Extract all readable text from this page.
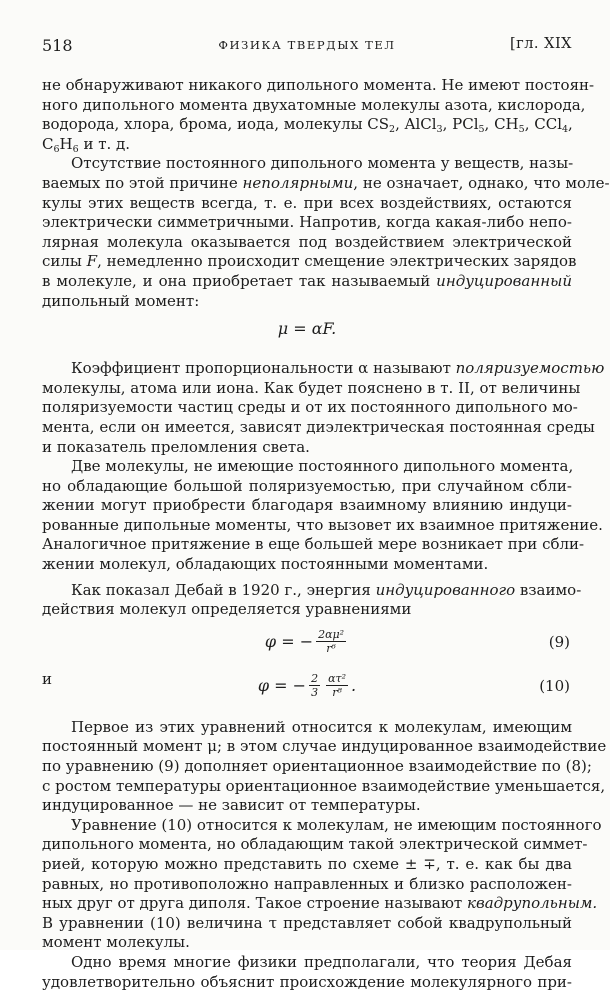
518	ФИЗИКА ТВЕРДЫХ ТЕЛ	[гл. XIX
не обнаруживают никакого дипольного момента. Не имеют постоян-
ного дипольного момента двухатомные молекулы азота, кислорода,
водорода, хлора, брома, иода, молекулы $CS_2$, AlCl$_3$, PCl$_5$, $CH_5$, CCl$_4$,
$C_6H_6$ и т. д.
Отсутствие постоянного дипольного момента у веществ, назы-
ваемых по этой причине неполярными, не означает, однако, что моле-
кулы этих веществ всегда, т. е. при всех воздействиях, остаются
электрически симметричными. Напротив, когда какая-либо непо-
лярная молекула оказывается под воздействием электрической
силы F, немедленно происходит смещение электрических зарядов
в молекуле, и она приобретает так называемый индуцированный
дипольный момент:
μ = αF.
Коэффициент пропорциональности α называют поляризуемостью
молекулы, атома или иона. Как будет пояснено в т. II, от величины
поляризуемости частиц среды и от их постоянного дипольного мо-
мента, если он имеется, зависят диэлектрическая постоянная среды
и показатель преломления света.
Две молекулы, не имеющие постоянного дипольного момента,
но обладающие большой поляризуемостью, при случайном сбли-
жении могут приобрести благодаря взаимному влиянию индуци-
рованные дипольные моменты, что вызовет их взаимное притяжение.
Аналогичное притяжение в еще большей мере возникает при сбли-
жении молекул, обладающих постоянными моментами.
Как показал Дебай в 1920 г., энергия индуцированного взаимо-
действия молекул определяется уравнениями
φ = − $\frac{\text{2αμ²}}{\text{r⁶}}$	(9)
и	φ = − $\frac{2}{3} \frac{\text{ατ²}}{\text{r⁸}}$ .	(10)
Первое из этих уравнений относится к молекулам, имеющим
постоянный момент μ; в этом случае индуцированное взаимодействие
по уравнению (9) дополняет ориентационное взаимодействие по (8);
с ростом температуры ориентационное взаимодействие уменьшается,
индуцированное — не зависит от температуры.
Уравнение (10) относится к молекулам, не имеющим постоянного
дипольного момента, но обладающим такой электрической симмет-
рией, которую можно представить по схеме ± ∓, т. е. как бы два
равных, но противоположно направленных и близко расположен-
ных друг от друга диполя. Такое строение называют квадрупольным.
В уравнении (10) величина τ представляет собой квадрупольный
момент молекулы.
Одно время многие физики предполагали, что теория Дебая
удовлетворительно объяснит происхождение молекулярного при-
